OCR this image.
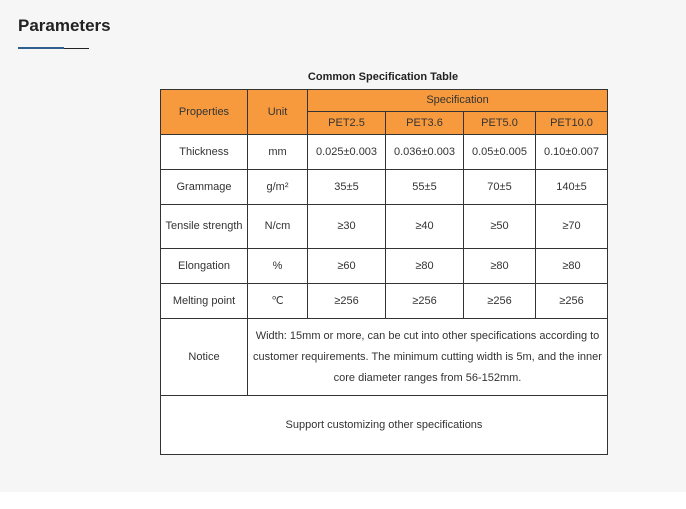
Parameters
Common Specification Table
Properties	Unit	Specification			
		PET2.5	PET3.6	PET5.0	PET10.0
Thickness	mm	0.025±0.003	0.036±0.003	0.05±0.005	0.10±0.007
Grammage	g/m²	35±5	55±5	70±5	140±5
Tensile strength	N/cm	≥30	≥40	≥50	≥70
Elongation	%	≥60	≥80	≥80	≥80
Melting point	℃	≥256	≥256	≥256	≥256
Notice	Width: 15mm or more, can be cut into other specifications according to customer requirements. The minimum cutting width is 5m, and the inner core diameter ranges from 56-152mm.				
Support customizing other specifications					
